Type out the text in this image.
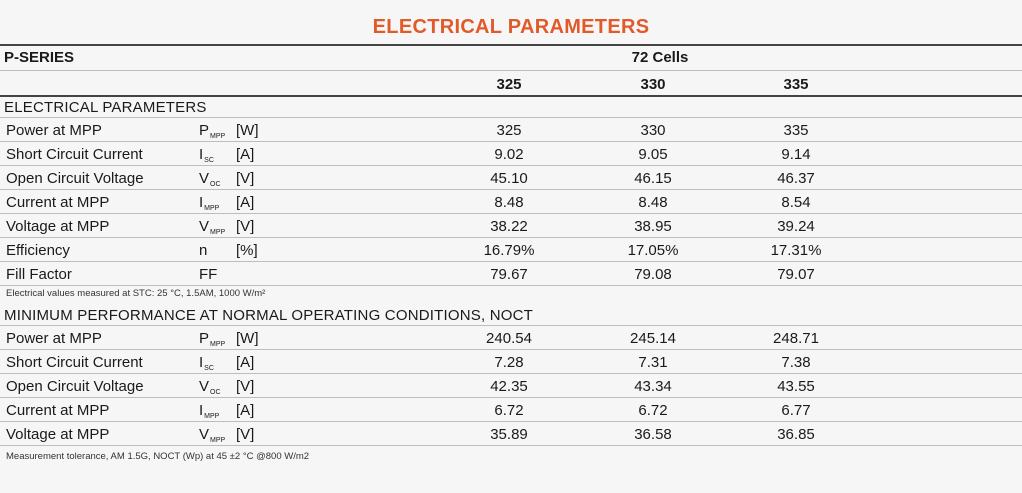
ELECTRICAL PARAMETERS
P-SERIES	72 Cells
325	330	335
ELECTRICAL PARAMETERS
Power at MPP	$P_{MPP}$ [W]	325	330	335
Short Circuit Current	$I_{SC}$ [A]	9.02	9.05	9.14
Open Circuit Voltage	$V_{OC}$ [V]	45.10	46.15	46.37
Current at MPP	$I_{MPP}$ [A]	8.48	8.48	8.54
Voltage at MPP	$V_{MPP}$ [V]	38.22	38.95	39.24
Efficiency	n [%]	16.79%	17.05%	17.31%
Fill Factor	FF	79.67	79.08	79.07
Electrical values measured at STC: 25 °C, 1.5AM, 1000 W/m²
MINIMUM PERFORMANCE AT NORMAL OPERATING CONDITIONS, NOCT
Power at MPP	$P_{MPP}$ [W]	240.54	245.14	248.71
Short Circuit Current	$I_{SC}$ [A]	7.28	7.31	7.38
Open Circuit Voltage	$V_{OC}$ [V]	42.35	43.34	43.55
Current at MPP	$I_{MPP}$ [A]	6.72	6.72	6.77
Voltage at MPP	$V_{MPP}$ [V]	35.89	36.58	36.85
Measurement tolerance, AM 1.5G, NOCT (Wp) at 45 ±2 °C @800 W/m2
